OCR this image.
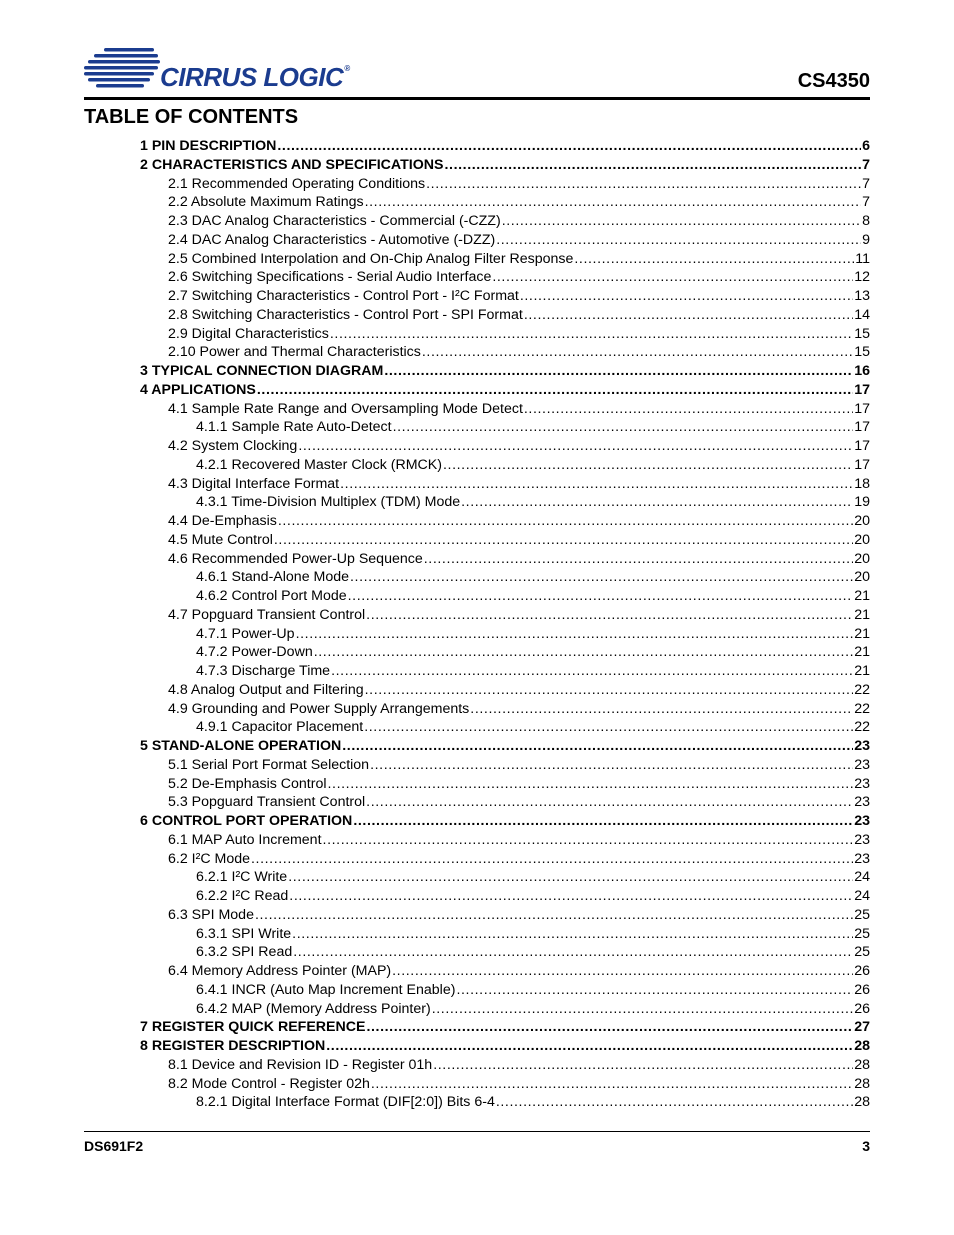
CIRRUS LOGIC®
CS4350
TABLE OF CONTENTS
1 PIN DESCRIPTION .....	6
2 CHARACTERISTICS AND SPECIFICATIONS .....	7
2.1 Recommended Operating Conditions .....	7
2.2 Absolute Maximum Ratings .....	7
2.3 DAC Analog Characteristics - Commercial (-CZZ) .....	8
2.4 DAC Analog Characteristics - Automotive (-DZZ) .....	9
2.5 Combined Interpolation and On-Chip Analog Filter Response .....	11
2.6 Switching Specifications - Serial Audio Interface .....	12
2.7 Switching Characteristics - Control Port - I²C Format .....	13
2.8 Switching Characteristics - Control Port - SPI Format .....	14
2.9 Digital Characteristics .....	15
2.10 Power and Thermal Characteristics .....	15
3 TYPICAL CONNECTION DIAGRAM .....	16
4 APPLICATIONS .....	17
4.1 Sample Rate Range and Oversampling Mode Detect .....	17
4.1.1 Sample Rate Auto-Detect .....	17
4.2 System Clocking .....	17
4.2.1 Recovered Master Clock (RMCK) .....	17
4.3 Digital Interface Format .....	18
4.3.1 Time-Division Multiplex (TDM) Mode .....	19
4.4 De-Emphasis .....	20
4.5 Mute Control .....	20
4.6 Recommended Power-Up Sequence .....	20
4.6.1 Stand-Alone Mode .....	20
4.6.2 Control Port Mode .....	21
4.7 Popguard Transient Control .....	21
4.7.1 Power-Up .....	21
4.7.2 Power-Down .....	21
4.7.3 Discharge Time .....	21
4.8 Analog Output and Filtering .....	22
4.9 Grounding and Power Supply Arrangements .....	22
4.9.1 Capacitor Placement .....	22
5 STAND-ALONE OPERATION .....	23
5.1 Serial Port Format Selection .....	23
5.2 De-Emphasis Control .....	23
5.3 Popguard Transient Control .....	23
6 CONTROL PORT OPERATION .....	23
6.1 MAP Auto Increment .....	23
6.2 I²C Mode .....	23
6.2.1 I²C Write .....	24
6.2.2 I²C Read .....	24
6.3 SPI Mode .....	25
6.3.1 SPI Write .....	25
6.3.2 SPI Read .....	25
6.4 Memory Address Pointer (MAP) .....	26
6.4.1 INCR (Auto Map Increment Enable) .....	26
6.4.2 MAP (Memory Address Pointer) .....	26
7 REGISTER QUICK REFERENCE .....	27
8 REGISTER DESCRIPTION .....	28
8.1 Device and Revision ID - Register 01h .....	28
8.2 Mode Control - Register 02h .....	28
8.2.1 Digital Interface Format (DIF[2:0]) Bits 6-4 .....	28
DS691F2	3
